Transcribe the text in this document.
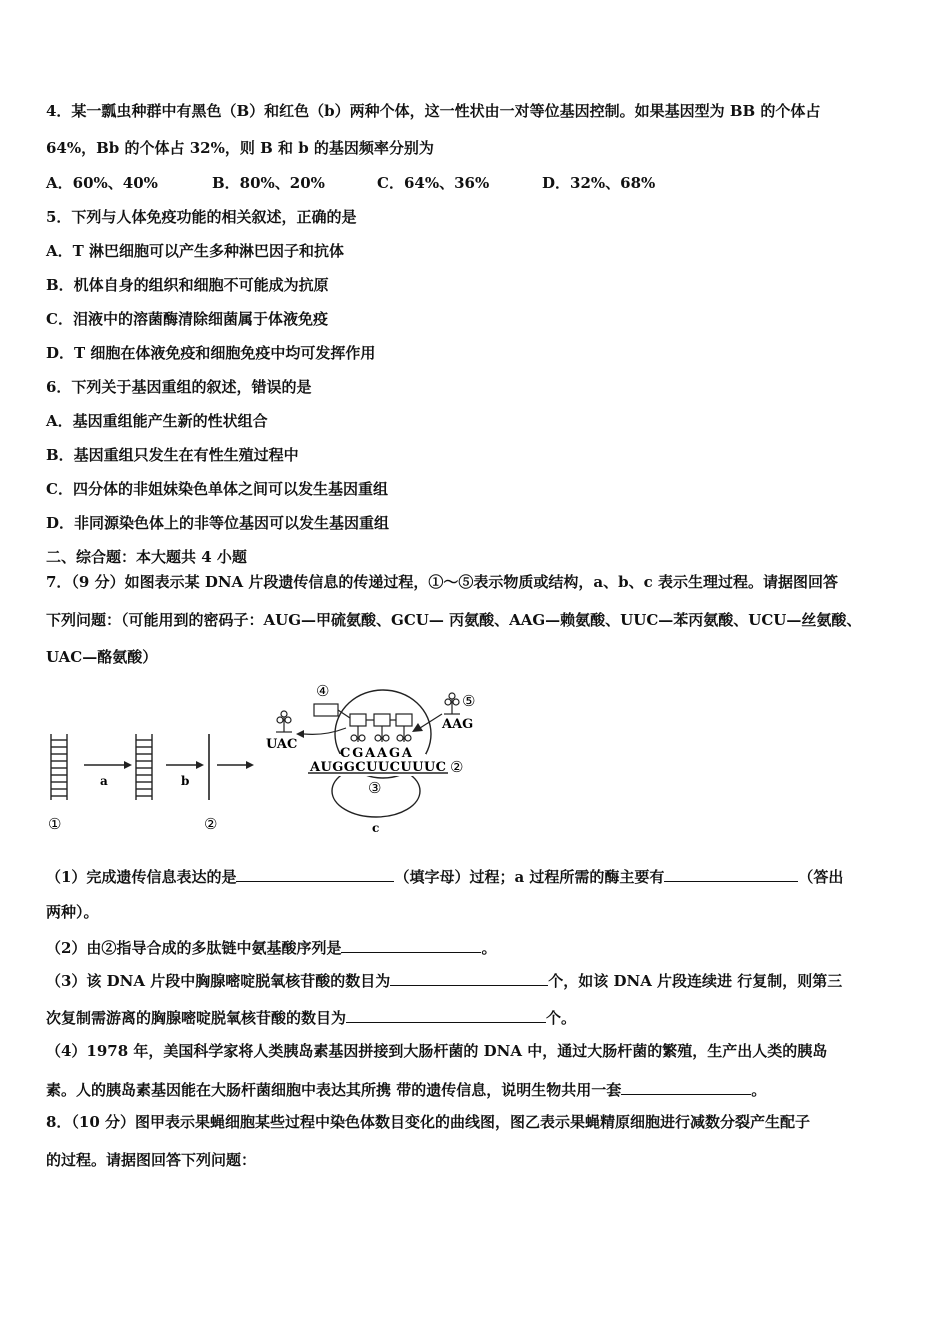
4．某一瓢虫种群中有黑色（B）和红色（b）两种个体，这一性状由一对等位基因控制。如果基因型为 BB 的个体占
64%，Bb 的个体占 32%，则 B 和 b 的基因频率分别为
A．60%、40%	B．80%、20%	C．64%、36%	D．32%、68%
5．下列与人体免疫功能的相关叙述，正确的是
A．T 淋巴细胞可以产生多种淋巴因子和抗体
B．机体自身的组织和细胞不可能成为抗原
C．泪液中的溶菌酶清除细菌属于体液免疫
D．T 细胞在体液免疫和细胞免疫中均可发挥作用
6．下列关于基因重组的叙述，错误的是
A．基因重组能产生新的性状组合
B．基因重组只发生在有性生殖过程中
C．四分体的非姐妹染色单体之间可以发生基因重组
D．非同源染色体上的非等位基因可以发生基因重组
二、综合题：本大题共 4 小题
7．（9 分）如图表示某 DNA 片段遗传信息的传递过程，①～⑤表示物质或结构，a、b、c 表示生理过程。请据图回答
下列问题：（可能用到的密码子：AUG—甲硫氨酸、GCU— 丙氨酸、AAG—赖氨酸、UUC—苯丙氨酸、UCU—丝氨酸、
UAC—酪氨酸）
a	b
AUGGCUUCUUUC
CGAAGA
④
UAC
⑤
AAG
②
③
c
①	②
（1）完成遗传信息表达的是	（填字母）过程；a 过程所需的酶主要有	（答出
两种）。
（2）由②指导合成的多肽链中氨基酸序列是	。
（3）该 DNA 片段中胸腺嘧啶脱氧核苷酸的数目为	个，如该 DNA 片段连续进 行复制，则第三
次复制需游离的胸腺嘧啶脱氧核苷酸的数目为	个。
（4）1978 年，美国科学家将人类胰岛素基因拼接到大肠杆菌的 DNA 中，通过大肠杆菌的繁殖，生产出人类的胰岛
素。人的胰岛素基因能在大肠杆菌细胞中表达其所携 带的遗传信息，说明生物共用一套	。
8．（10 分）图甲表示果蝇细胞某些过程中染色体数目变化的曲线图，图乙表示果蝇精原细胞进行减数分裂产生配子
的过程。请据图回答下列问题：
